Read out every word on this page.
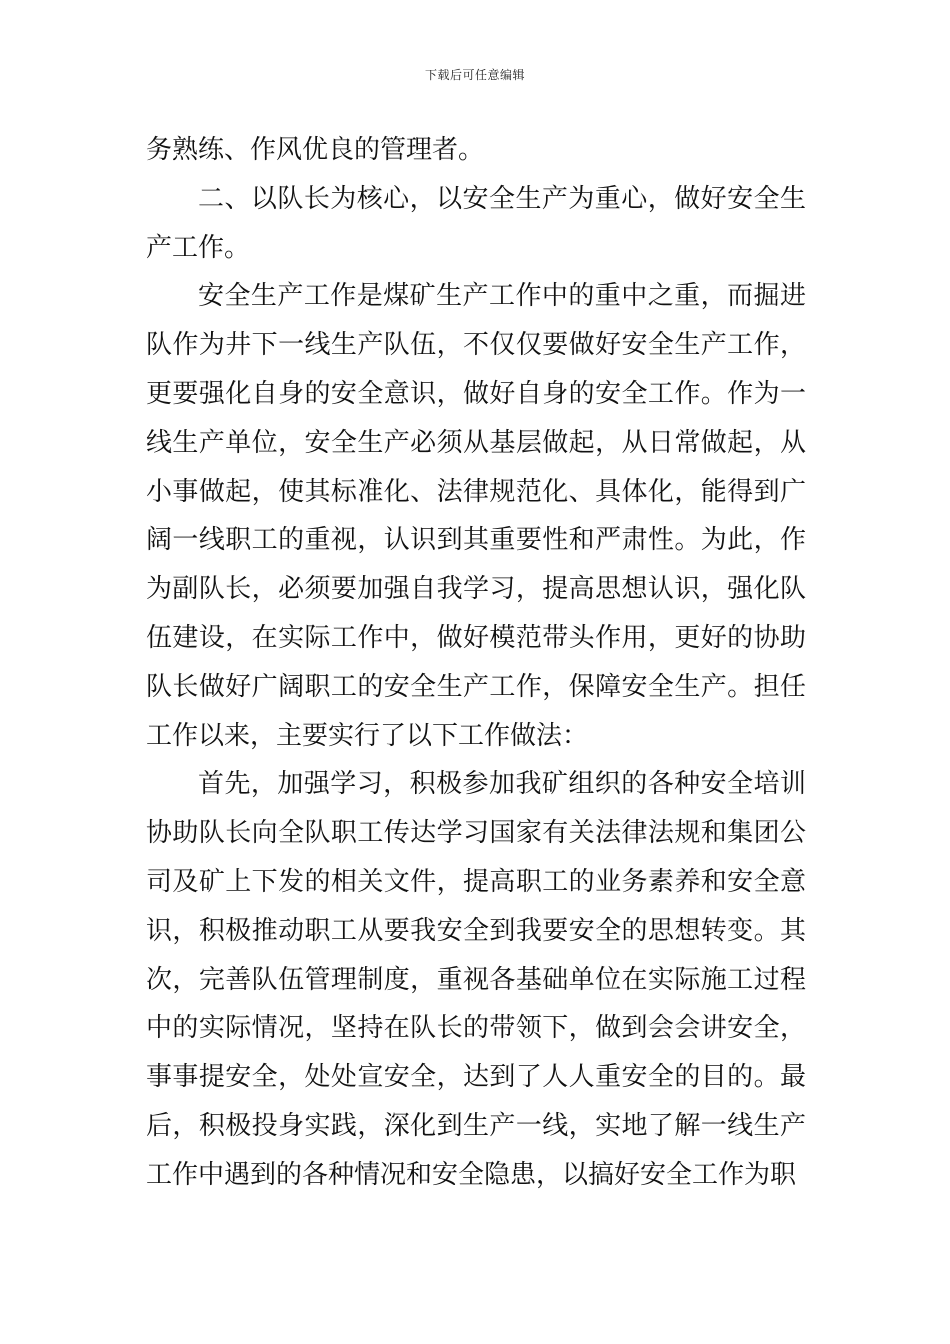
下载后可任意编辑

务熟练、作风优良的管理者。

二、以队长为核心，以安全生产为重心，做好安全生产工作。

安全生产工作是煤矿生产工作中的重中之重，而掘进队作为井下一线生产队伍，不仅仅要做好安全生产工作，更要强化自身的安全意识，做好自身的安全工作。作为一线生产单位，安全生产必须从基层做起，从日常做起，从小事做起，使其标准化、法律规范化、具体化，能得到广阔一线职工的重视，认识到其重要性和严肃性。为此，作为副队长，必须要加强自我学习，提高思想认识，强化队伍建设，在实际工作中，做好模范带头作用，更好的协助队长做好广阔职工的安全生产工作，保障安全生产。担任工作以来，主要实行了以下工作做法：

首先，加强学习，积极参加我矿组织的各种安全培训协助队长向全队职工传达学习国家有关法律法规和集团公司及矿上下发的相关文件，提高职工的业务素养和安全意识，积极推动职工从要我安全到我要安全的思想转变。其次，完善队伍管理制度，重视各基础单位在实际施工过程中的实际情况，坚持在队长的带领下，做到会会讲安全，事事提安全，处处宣安全，达到了人人重安全的目的。最后，积极投身实践，深化到生产一线，实地了解一线生产工作中遇到的各种情况和安全隐患，以搞好安全工作为职
